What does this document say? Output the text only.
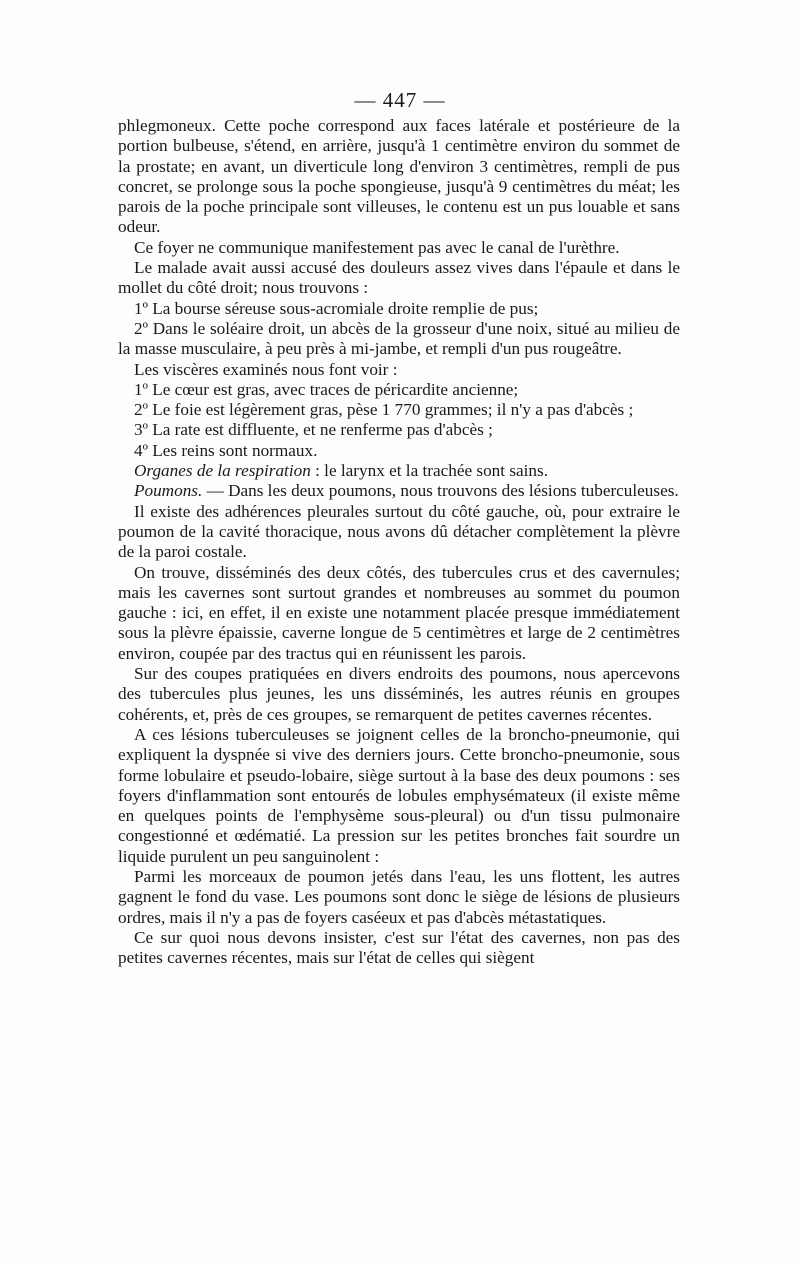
— 447 —

phlegmoneux. Cette poche correspond aux faces latérale et postérieure de la portion bulbeuse, s'étend, en arrière, jusqu'à 1 centimètre environ du sommet de la prostate; en avant, un diverticule long d'environ 3 centimètres, rempli de pus concret, se prolonge sous la poche spongieuse, jusqu'à 9 centimètres du méat; les parois de la poche principale sont villeuses, le contenu est un pus louable et sans odeur.

Ce foyer ne communique manifestement pas avec le canal de l'urèthre.

Le malade avait aussi accusé des douleurs assez vives dans l'épaule et dans le mollet du côté droit; nous trouvons :

1º La bourse séreuse sous-acromiale droite remplie de pus;

2º Dans le soléaire droit, un abcès de la grosseur d'une noix, situé au milieu de la masse musculaire, à peu près à mi-jambe, et rempli d'un pus rougeâtre.

Les viscères examinés nous font voir :

1º Le cœur est gras, avec traces de péricardite ancienne;

2º Le foie est légèrement gras, pèse 1 770 grammes; il n'y a pas d'abcès ;

3º La rate est diffluente, et ne renferme pas d'abcès ;

4º Les reins sont normaux.

Organes de la respiration : le larynx et la trachée sont sains.

Poumons. — Dans les deux poumons, nous trouvons des lésions tuberculeuses.

Il existe des adhérences pleurales surtout du côté gauche, où, pour extraire le poumon de la cavité thoracique, nous avons dû détacher complètement la plèvre de la paroi costale.

On trouve, disséminés des deux côtés, des tubercules crus et des cavernules; mais les cavernes sont surtout grandes et nombreuses au sommet du poumon gauche : ici, en effet, il en existe une notamment placée presque immédiatement sous la plèvre épaissie, caverne longue de 5 centimètres et large de 2 centimètres environ, coupée par des tractus qui en réunissent les parois.

Sur des coupes pratiquées en divers endroits des poumons, nous apercevons des tubercules plus jeunes, les uns disséminés, les autres réunis en groupes cohérents, et, près de ces groupes, se remarquent de petites cavernes récentes.

A ces lésions tuberculeuses se joignent celles de la broncho-pneumonie, qui expliquent la dyspnée si vive des derniers jours. Cette broncho-pneumonie, sous forme lobulaire et pseudo-lobaire, siège surtout à la base des deux poumons : ses foyers d'inflammation sont entourés de lobules emphysémateux (il existe même en quelques points de l'emphysème sous-pleural) ou d'un tissu pulmonaire congestionné et œdématié. La pression sur les petites bronches fait sourdre un liquide purulent un peu sanguinolent :

Parmi les morceaux de poumon jetés dans l'eau, les uns flottent, les autres gagnent le fond du vase. Les poumons sont donc le siège de lésions de plusieurs ordres, mais il n'y a pas de foyers caséeux et pas d'abcès métastatiques.

Ce sur quoi nous devons insister, c'est sur l'état des cavernes, non pas des petites cavernes récentes, mais sur l'état de celles qui siègent
